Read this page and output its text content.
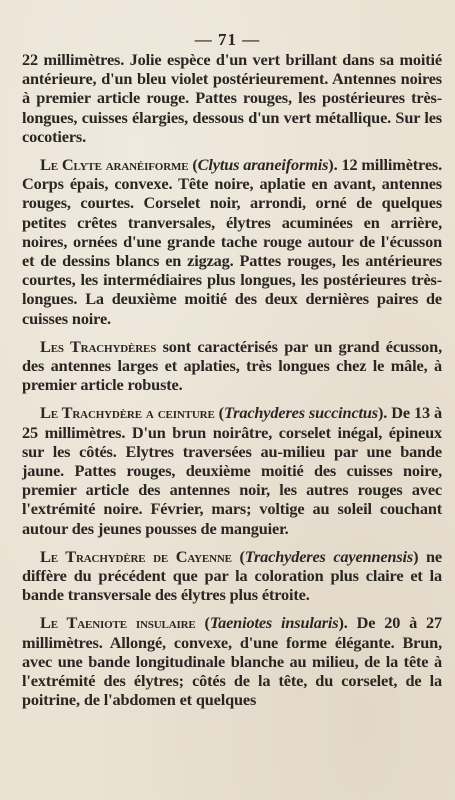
— 71 —

22 millimètres. Jolie espèce d'un vert brillant dans sa moitié antérieure, d'un bleu violet postérieurement. Antennes noires à premier article rouge. Pattes rouges, les postérieures très-longues, cuisses élargies, dessous d'un vert métallique. Sur les cocotiers.

Le Clyte aranéiforme (Clytus araneiformis). 12 millimètres. Corps épais, convexe. Tête noire, aplatie en avant, antennes rouges, courtes. Corselet noir, arrondi, orné de quelques petites crêtes tranversales, élytres acuminées en arrière, noires, ornées d'une grande tache rouge autour de l'écusson et de dessins blancs en zigzag. Pattes rouges, les antérieures courtes, les intermédiaires plus longues, les postérieures très-longues. La deuxième moitié des deux dernières paires de cuisses noire.

Les Trachydères sont caractérisés par un grand écusson, des antennes larges et aplaties, très longues chez le mâle, à premier article robuste.

Le Trachydère a ceinture (Trachyderes succinctus). De 13 à 25 millimètres. D'un brun noirâtre, corselet inégal, épineux sur les côtés. Elytres traversées au-milieu par une bande jaune. Pattes rouges, deuxième moitié des cuisses noire, premier article des antennes noir, les autres rouges avec l'extrémité noire. Février, mars; voltige au soleil couchant autour des jeunes pousses de manguier.

Le Trachydère de Cayenne (Trachyderes cayennensis) ne diffère du précédent que par la coloration plus claire et la bande transversale des élytres plus étroite.

Le Taeniote insulaire (Taeniotes insularis). De 20 à 27 millimètres. Allongé, convexe, d'une forme élégante. Brun, avec une bande longitudinale blanche au milieu, de la tête à l'extrémité des élytres; côtés de la tête, du corselet, de la poitrine, de l'abdomen et quelques
